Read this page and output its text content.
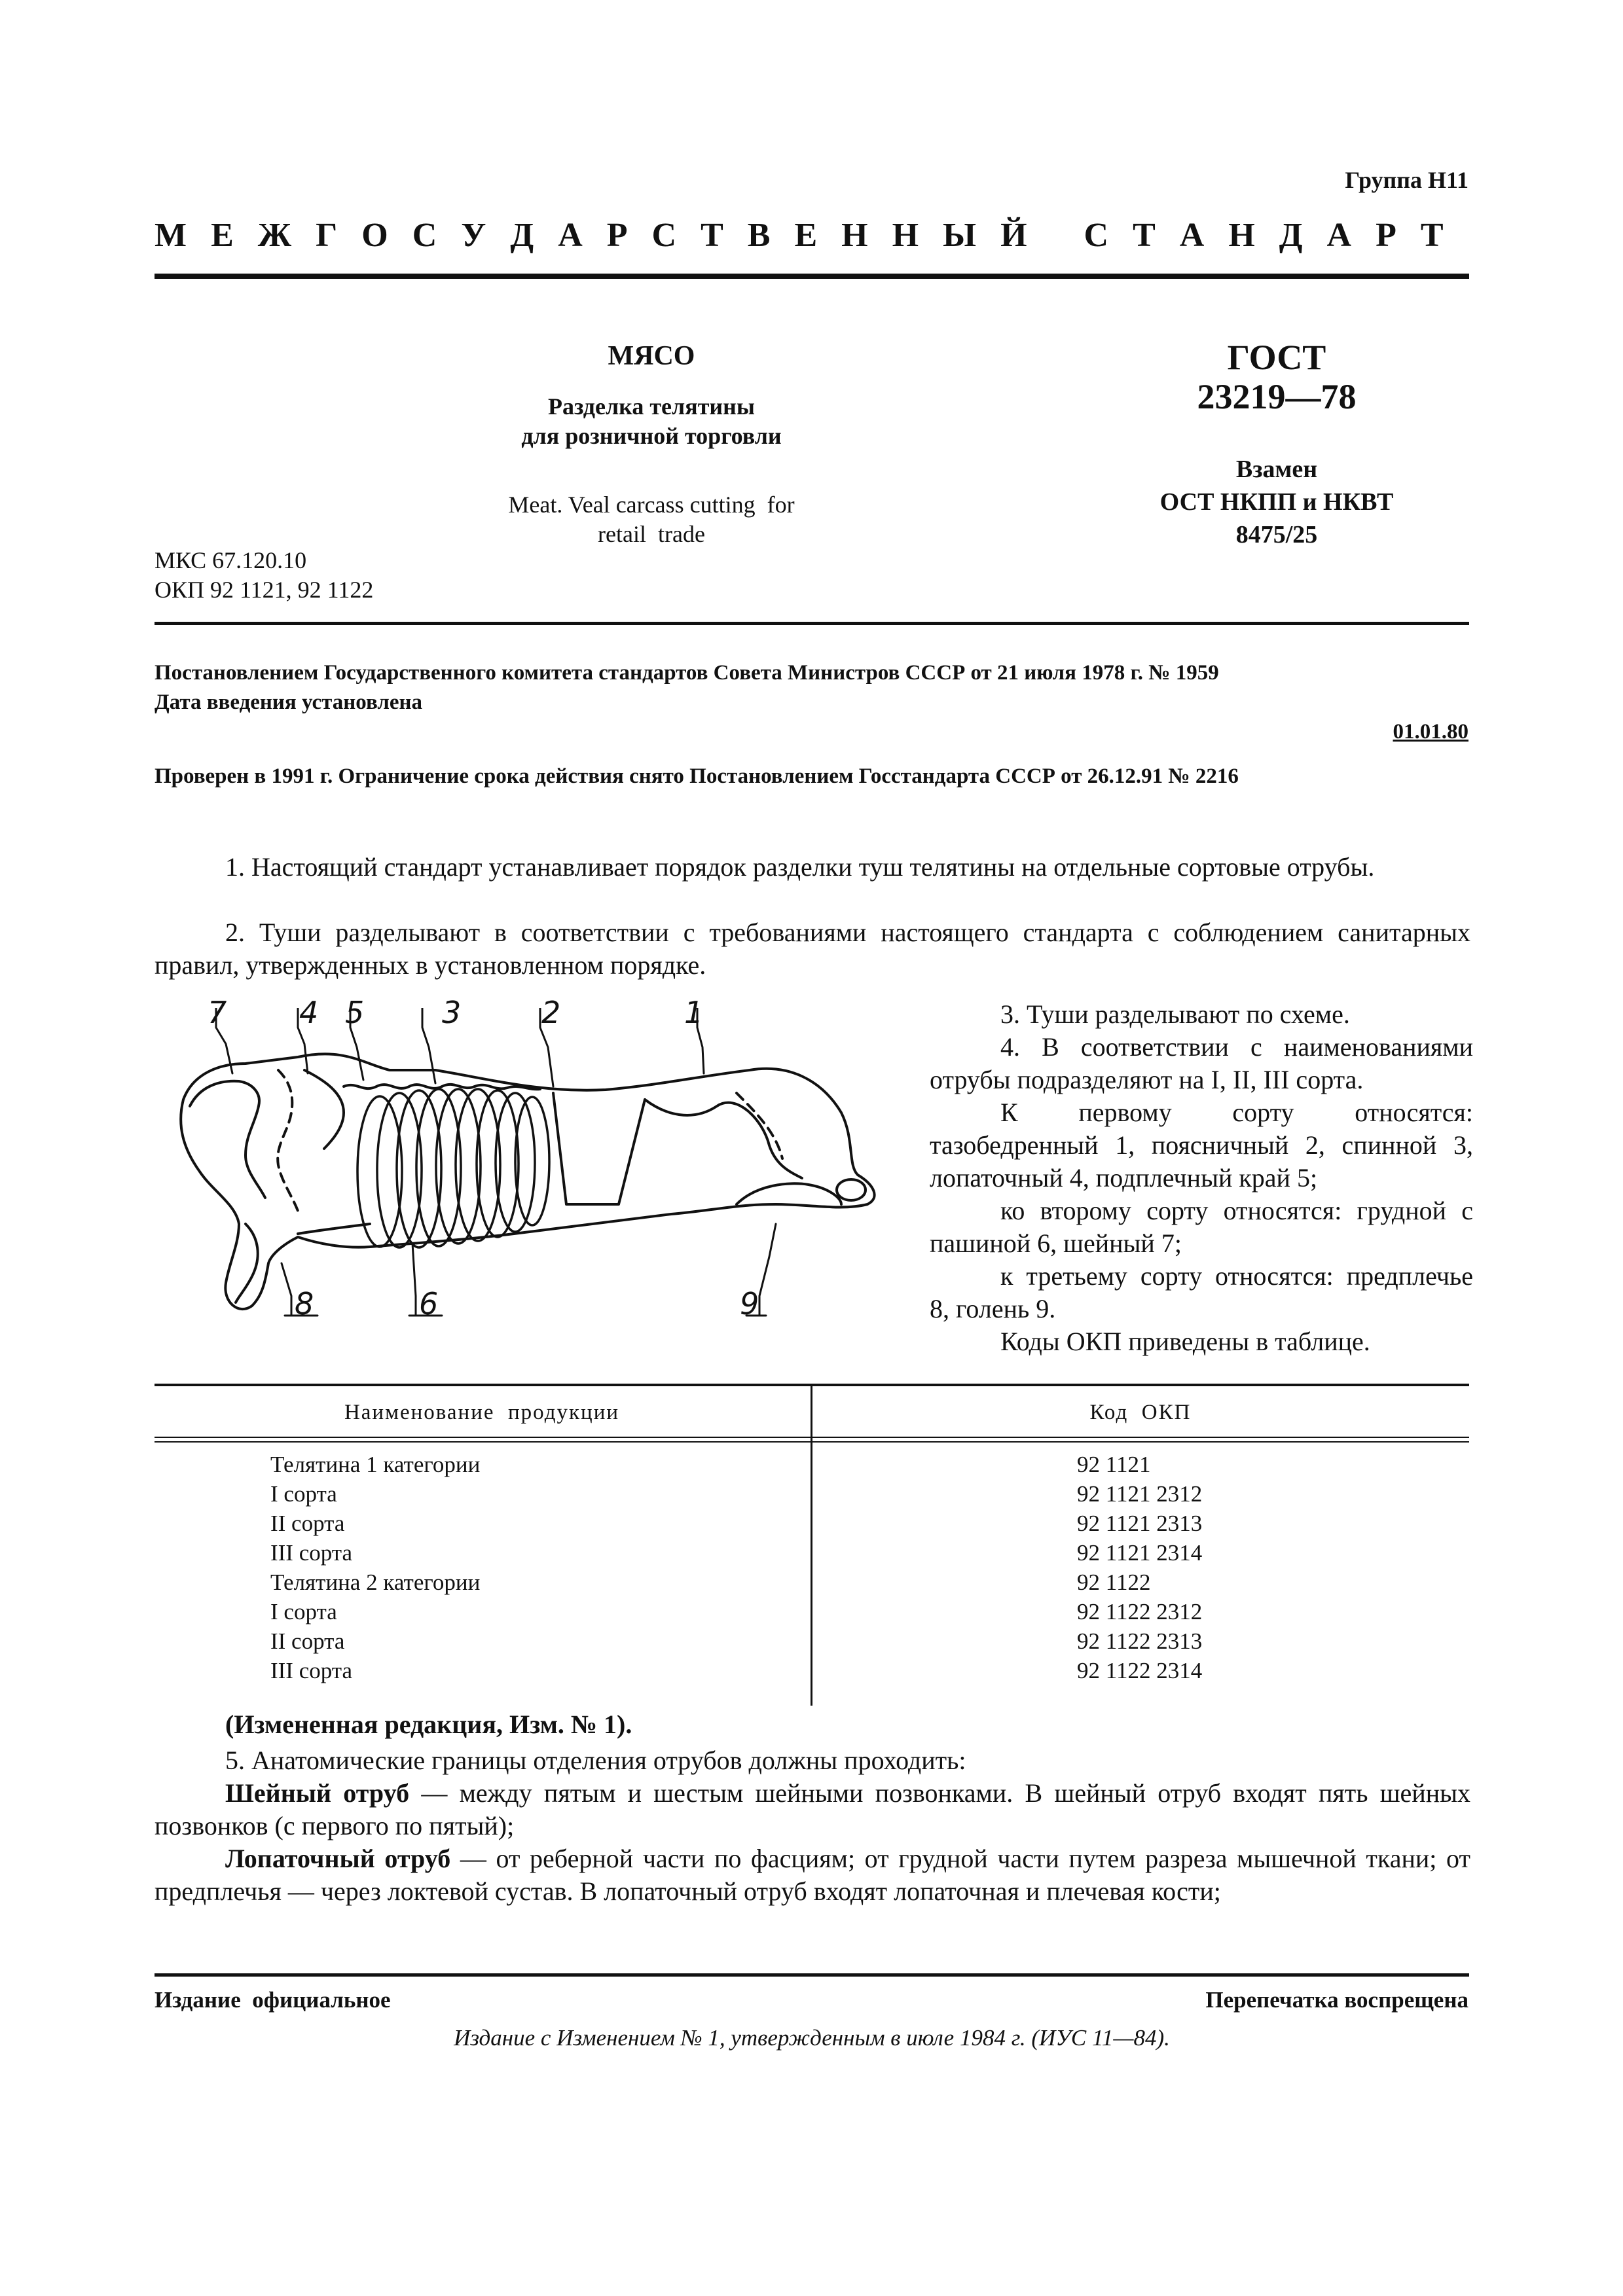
Группа Н11
М Е Ж Г О С У Д А Р С Т В Е Н Н Ы Й   С Т А Н Д А Р Т
МЯСО
Разделка телятины
для розничной торговли
Meat. Veal carcass cutting  for
retail  trade
МКС 67.120.10
ОКП 92 1121, 92 1122
ГОСТ
23219—78
Взамен
ОСТ НКПП и НКВТ
8475/25
Постановлением Государственного комитета стандартов Совета Министров СССР от 21 июля 1978 г. № 1959
Дата введения установлена
01.01.80
Проверен в 1991 г. Ограничение срока действия снято Постановлением Госстандарта СССР от 26.12.91 № 2216
1. Настоящий стандарт устанавливает порядок разделки туш телятины на отдельные сортовые отрубы.
2. Туши разделывают в соответствии с требованиями настоящего стандарта с соблюдением санитарных правил, утвержденных в установленном порядке.
7 4 5	3	2	1
8	6	9
3. Туши разделывают по схеме.
4. В соответствии с наименованиями отрубы подразделяют на I, II, III сорта.
К первому сорту относятся: тазобедренный 1, поясничный 2, спинной 3, лопаточный 4, подплечный край 5;
ко второму сорту относятся: грудной с пашиной 6, шейный 7;
к третьему сорту относятся: предплечье 8, голень 9.
Коды ОКП приведены в таблице.
Наименование  продукции	Код  ОКП
	Телятина 1 категории	92 1121
	I сорта	92 1121 2312
	II сорта	92 1121 2313
	III сорта	92 1121 2314
	Телятина 2 категории	92 1122
	I сорта	92 1122 2312
	II сорта	92 1122 2313
	III сорта	92 1122 2314
(Измененная редакция, Изм. № 1).
5. Анатомические границы отделения отрубов должны проходить:
Шейный отруб — между пятым и шестым шейными позвонками. В шейный отруб входят пять шейных позвонков (с первого по пятый);
Лопаточный отруб — от реберной части по фасциям; от грудной части путем разреза мышечной ткани; от предплечья — через локтевой сустав. В лопаточный отруб входят лопаточная и плечевая кости;
Издание  официальное	Перепечатка воспрещена
Издание с Изменением № 1, утвержденным в июле 1984 г. (ИУС 11—84).
